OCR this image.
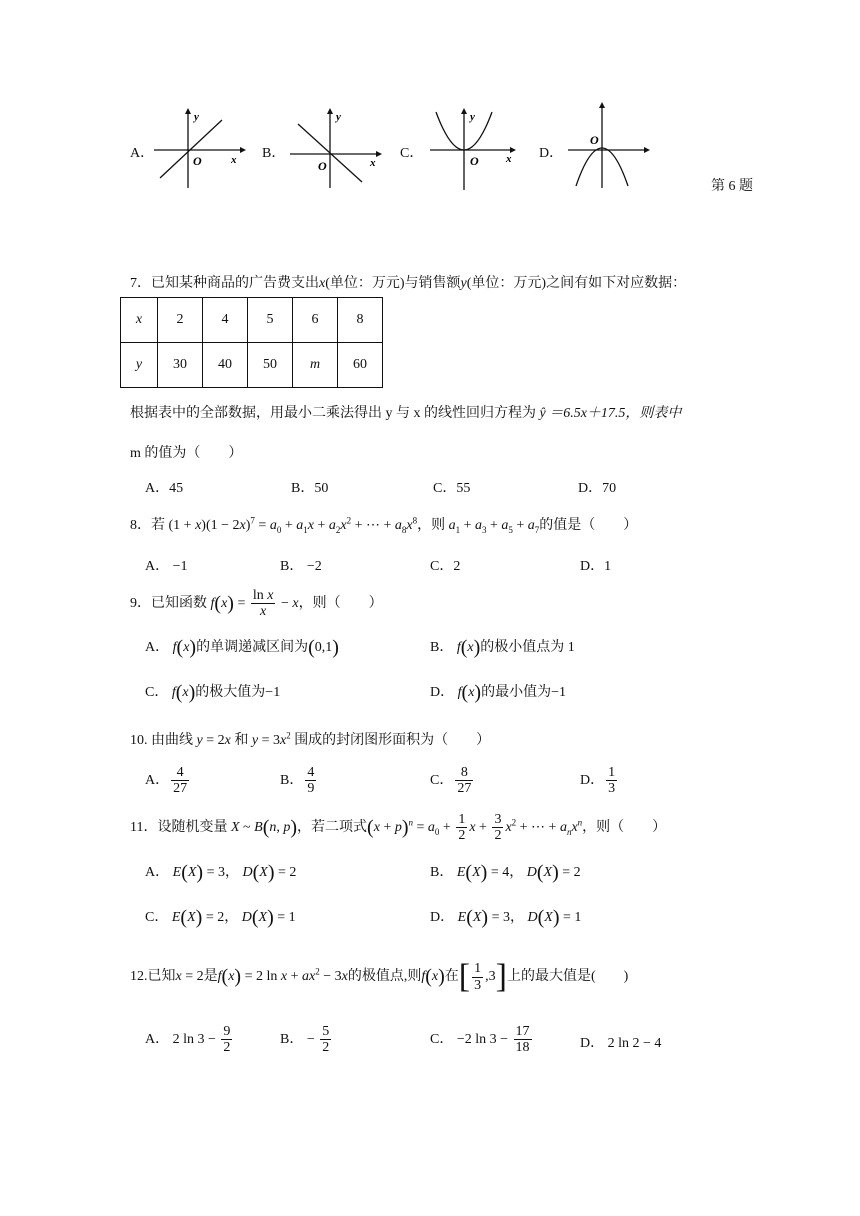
A．
y
x
O	B．
y
x
O
C．
y
x
O	D．
O
第 6 题
7．已知某种商品的广告费支出x(单位：万元)与销售额y(单位：万元)之间有如下对应数据：
x	2	4	5	6	8
y	30	40	50	m	60
根据表中的全部数据，用最小二乘法得出 y 与 x 的线性回归方程为 ŷ ＝6.5x＋17.5，则表中
m 的值为（　　）
A．45	B．50	C．55	D．70
8．若 $(1 + x)(1 - 2x)^7 = a_0 + a_1x + a_2x^2$ + ⋯ + $a_8x^8$，则 $a_1 + a_3 + a_5 + a_7$的值是（　　）
A． −1	B． −2	C．2	D．1
9．已知函数 $f(x) = \frac{\text{ln x}}{x} - x$，则（　　）
A． f(x)的单调递减区间为(0,1)	B． f(x)的极小值点为 1
C． f(x)的极大值为−1	D． f(x)的最小值为−1
10. 由曲线 y = 2x 和 $y = 3x^2$ 围成的封闭图形面积为（　　）
A． $\frac{4}{27}$	B． $\frac{4}{9}$	C． $\frac{8}{27}$	D． $\frac{1}{3}$
11．设随机变量 X ~ B(n, p)，若二项式$(x + p)^n = a_0 + \frac{1}{2}$ $x + \frac{3}{2} x^2$ + ⋯ + $a_nx^n$，则（　　）
A． E(X) = 3， D(X) = 2	B． E(X) = 4， D(X) = 2
C． E(X) = 2， D(X) = 1	D． E(X) = 3， D(X) = 1
12.已知x = 2是f(x) = 2 $\ln x + ax^2 - 3x$的极值点,则f(x)在[ $\frac{1}{3} ,3$]上的最大值是(　　)
A． 2 $\ln 3 - \frac{9}{2}$	B． − $\frac{5}{2}$	C． −2 $\ln 3 - \frac{17}{18}$	D． 2 ln 2 − 4
